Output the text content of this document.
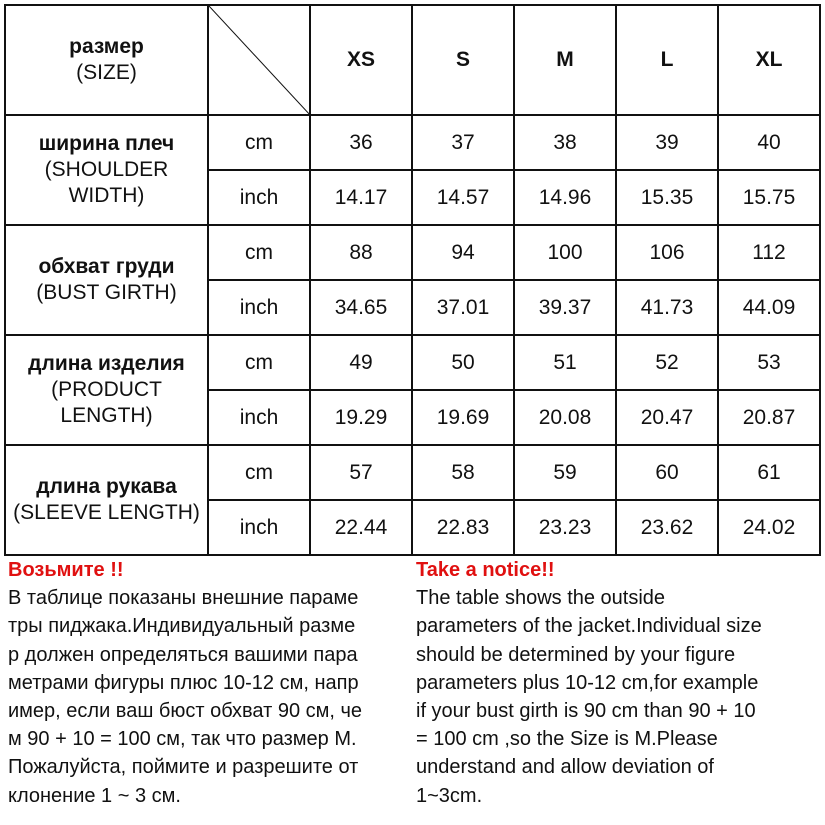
размер
(SIZE)		XS	S	M	L	XL

ширина плеч
(SHOULDER WIDTH)	cm	36	37	38	39	40
	inch	14.17	14.57	14.96	15.35	15.75

обхват груди
(BUST GIRTH)	cm	88	94	100	106	112
	inch	34.65	37.01	39.37	41.73	44.09

длина изделия
(PRODUCT LENGTH)	cm	49	50	51	52	53
	inch	19.29	19.69	20.08	20.47	20.87

длина рукава
(SLEEVE LENGTH)	cm	57	58	59	60	61
	inch	22.44	22.83	23.23	23.62	24.02
Возьмите !!
В таблице показаны внешние параме
тры пиджака.Индивидуальный разме
р должен определяться вашими пара
метрами фигуры плюс 10-12 см, напр
имер, если ваш бюст обхват 90 см, че
м 90 + 10 = 100 см, так что размер M.
Пожалуйста, поймите и разрешите от
клонение 1 ~ 3 см.
Take a notice!!
The table shows the outside
parameters of the jacket.Individual size
should be determined by your figure
parameters plus 10-12 cm,for example
if your bust girth is 90 cm than 90 + 10
= 100 cm ,so the Size is M.Please
understand and allow deviation of
1~3cm.
